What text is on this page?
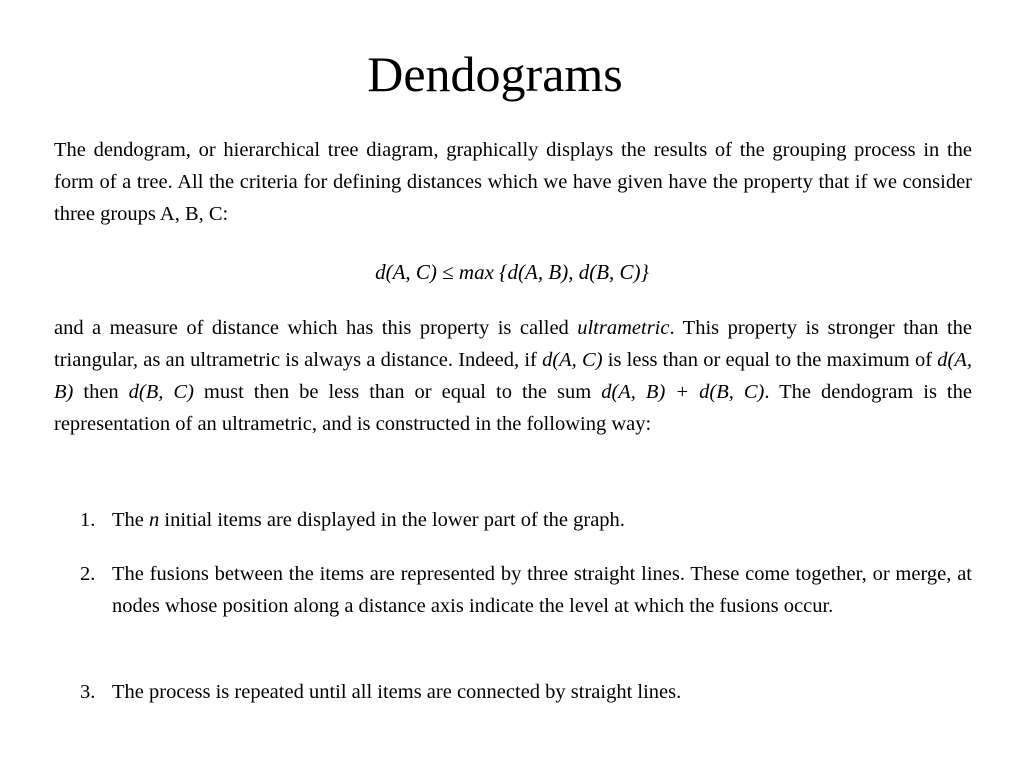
Dendograms
The dendogram, or hierarchical tree diagram, graphically displays the results of the grouping process in the form of a tree. All the criteria for defining distances which we have given have the property that if we consider three groups A, B, C:
d(A, C) ≤ max {d(A, B), d(B, C)}
and a measure of distance which has this property is called ultrametric. This property is stronger than the triangular, as an ultrametric is always a distance. Indeed, if d(A, C) is less than or equal to the maximum of d(A, B) then d(B, C) must then be less than or equal to the sum d(A, B) + d(B, C). The dendogram is the representation of an ultrametric, and is constructed in the following way:
1. The n initial items are displayed in the lower part of the graph.
2. The fusions between the items are represented by three straight lines. These come together, or merge, at nodes whose position along a distance axis indicate the level at which the fusions occur.
3. The process is repeated until all items are connected by straight lines.
